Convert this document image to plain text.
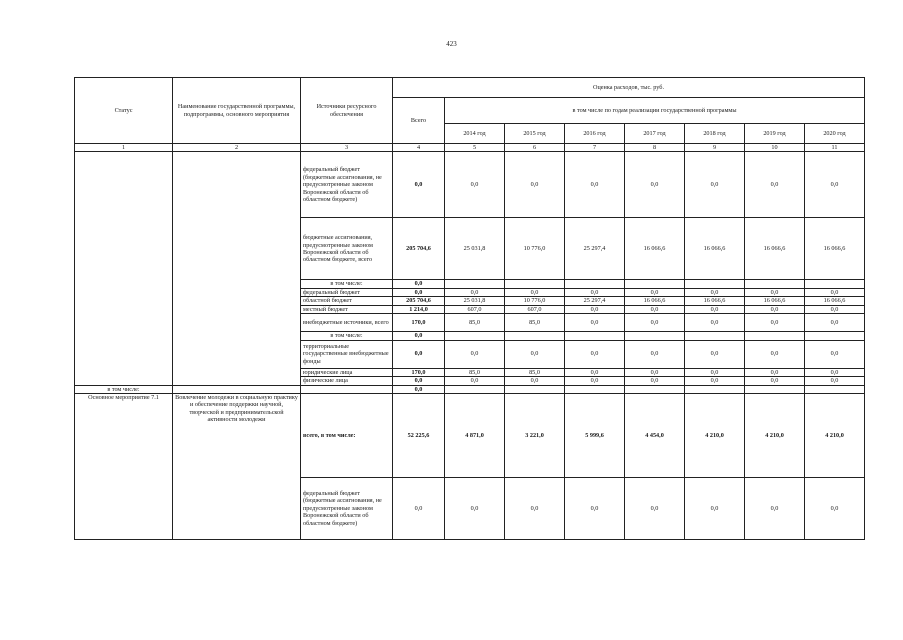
423
Статус	Наименование государственной программы, подпрограммы, основного мероприятия	Источники ресурсного обеспечения	Оценка расходов, тыс. руб.							
			Всего	в том числе по годам реализации государственной программы						
				2014 год	2015 год	2016 год	2017 год	2018 год	2019 год	2020 год
1	2	3	4	5	6	7	8	9	10	11
		федеральный бюджет (бюджетные ассигнования, не предусмотренные законом Воронежской области об областном бюджете)	0,0	0,0	0,0	0,0	0,0	0,0	0,0	0,0
		бюджетные ассигнования, предусмотренные законом Воронежской области об областном бюджете, всего	205 704,6	25 031,8	10 776,0	25 297,4	16 066,6	16 066,6	16 066,6	16 066,6
		в том числе:	0,0							
		федеральный бюджет	0,0	0,0	0,0	0,0	0,0	0,0	0,0	0,0
		областной бюджет	205 704,6	25 031,8	10 776,0	25 297,4	16 066,6	16 066,6	16 066,6	16 066,6
		местный бюджет	1 214,0	607,0	607,0	0,0	0,0	0,0	0,0	0,0
		внебюджетные источники, всего	170,0	85,0	85,0	0,0	0,0	0,0	0,0	0,0
		в том числе:	0,0							
		территориальные государственные внебюджетные фонды	0,0	0,0	0,0	0,0	0,0	0,0	0,0	0,0
		юридические лица	170,0	85,0	85,0	0,0	0,0	0,0	0,0	0,0
		физические лица	0,0	0,0	0,0	0,0	0,0	0,0	0,0	0,0
в том числе:			0,0							
Основное мероприятие 7.1	Вовлечение молодежи в социальную практику и обеспечение поддержки научной, творческой и предпринимательской активности молодежи	всего, в том числе:	52 225,6	4 871,0	3 221,0	5 999,6	4 454,0	4 210,0	4 210,0	4 210,0
		федеральный бюджет (бюджетные ассигнования, не предусмотренные законом Воронежской области об областном бюджете)	0,0	0,0	0,0	0,0	0,0	0,0	0,0	0,0
